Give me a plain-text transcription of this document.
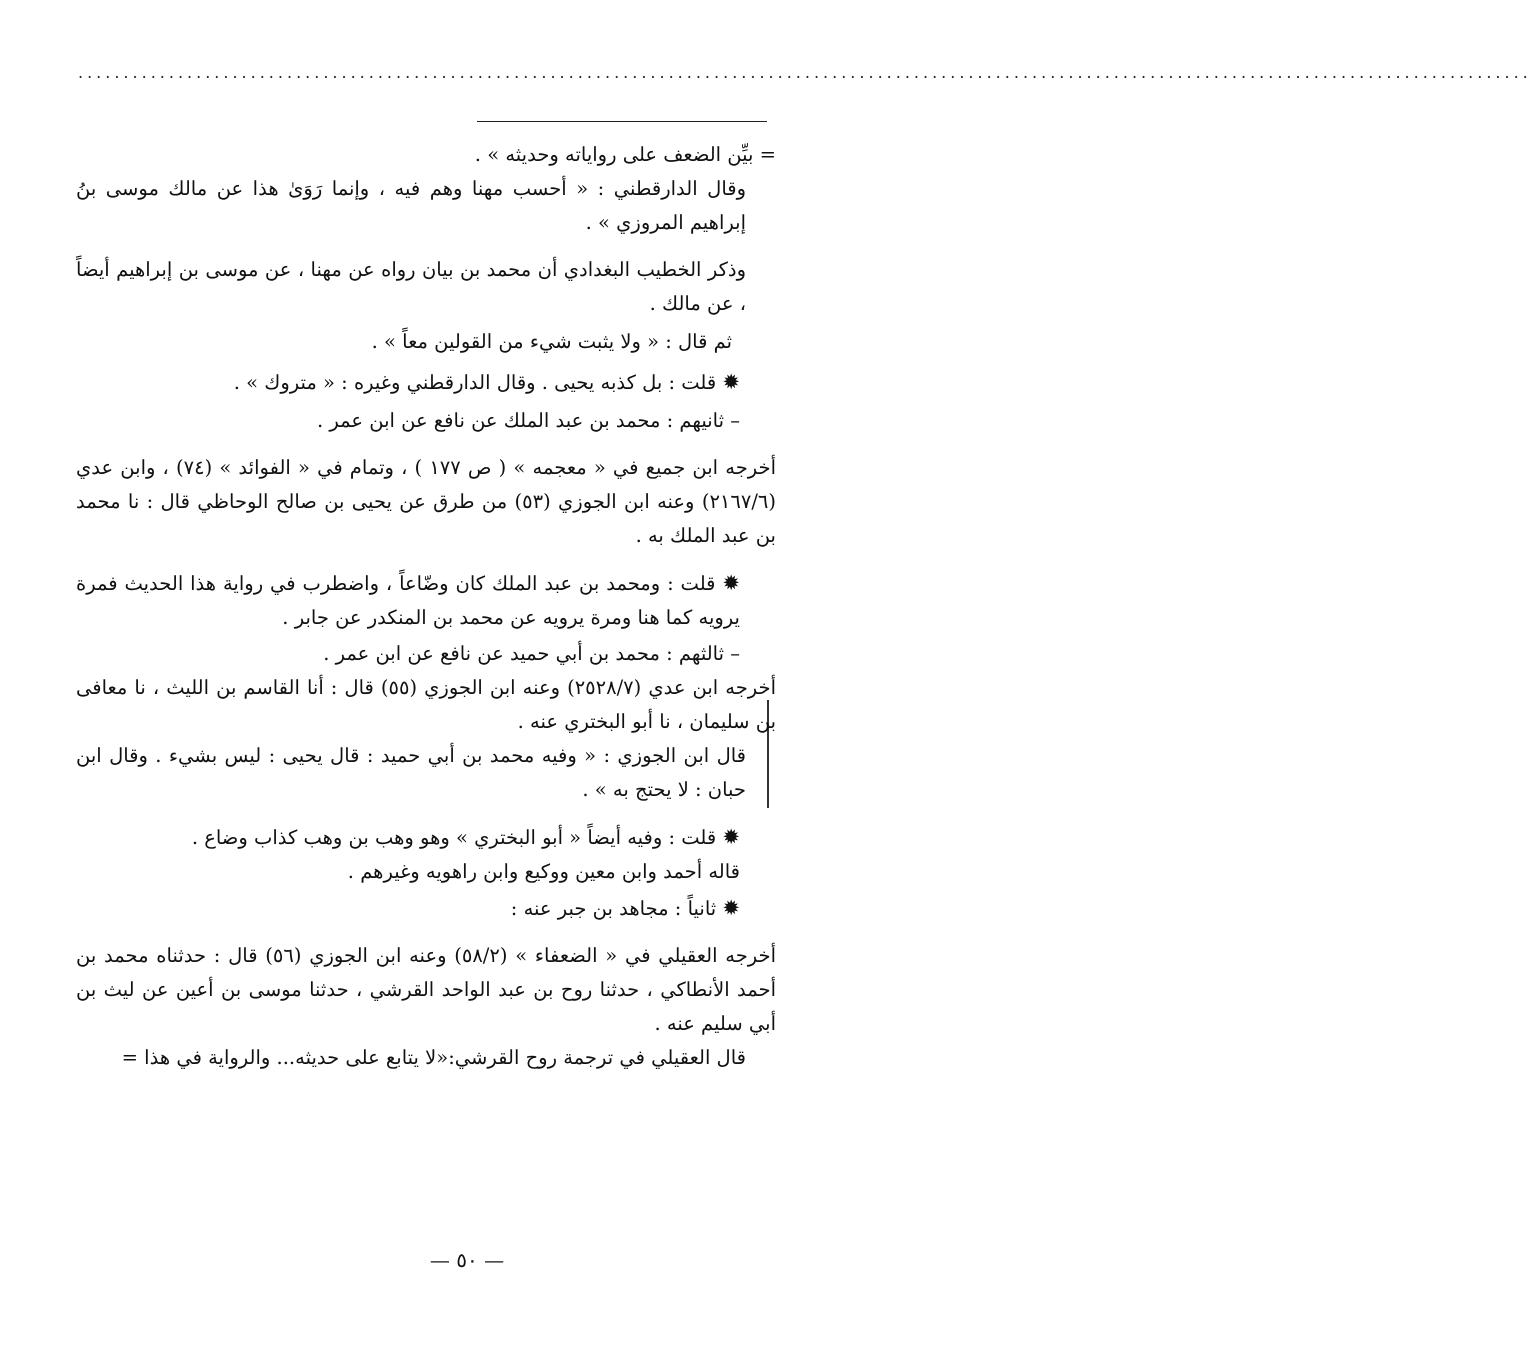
................................................................................................................................................................

= بيِّن الضعف على رواياته وحديثه » .

وقال الدارقطني : « أحسب مهنا وهم فيه ، وإنما رَوَىٰ هذا عن مالك موسى بنُ إبراهيم المروزي » .

وذكر الخطيب البغدادي أن محمد بن بيان رواه عن مهنا ، عن موسى بن إبراهيم أيضاً ، عن مالك .

ثم قال : « ولا يثبت شيء من القولين معاً » .

✹ قلت : بل كذبه يحيى . وقال الدارقطني وغيره : « متروك » .

– ثانيهم : محمد بن عبد الملك عن نافع عن ابن عمر .

أخرجه ابن جميع في « معجمه » ( ص ١٧٧ ) ، وتمام في « الفوائد » (٧٤) ، وابن عدي (٢١٦٧/٦) وعنه ابن الجوزي (٥٣) من طرق عن يحيى بن صالح الوحاظي قال : نا محمد بن عبد الملك به .

✹ قلت : ومحمد بن عبد الملك كان وضّاعاً ، واضطرب في رواية هذا الحديث فمرة يرويه كما هنا ومرة يرويه عن محمد بن المنكدر عن جابر .

– ثالثهم : محمد بن أبي حميد عن نافع عن ابن عمر .

أخرجه ابن عدي (٢٥٢٨/٧) وعنه ابن الجوزي (٥٥) قال : أنا القاسم بن الليث ، نا معافى بن سليمان ، نا أبو البختري عنه .

قال ابن الجوزي : « وفيه محمد بن أبي حميد : قال يحيى : ليس بشيء . وقال ابن حبان : لا يحتج به » .

✹ قلت : وفيه أيضاً « أبو البختري » وهو وهب بن وهب كذاب وضاع .

قاله أحمد وابن معين ووكيع وابن راهويه وغيرهم .

✹ ثانياً : مجاهد بن جبر عنه :

أخرجه العقيلي في « الضعفاء » (٥٨/٢) وعنه ابن الجوزي (٥٦) قال : حدثناه محمد بن أحمد الأنطاكي ، حدثنا روح بن عبد الواحد القرشي ، حدثنا موسى بن أعين عن ليث بن أبي سليم عنه .

قال العقيلي في ترجمة روح القرشي:«لا يتابع على حديثه... والرواية في هذا =

— ٥٠ —
